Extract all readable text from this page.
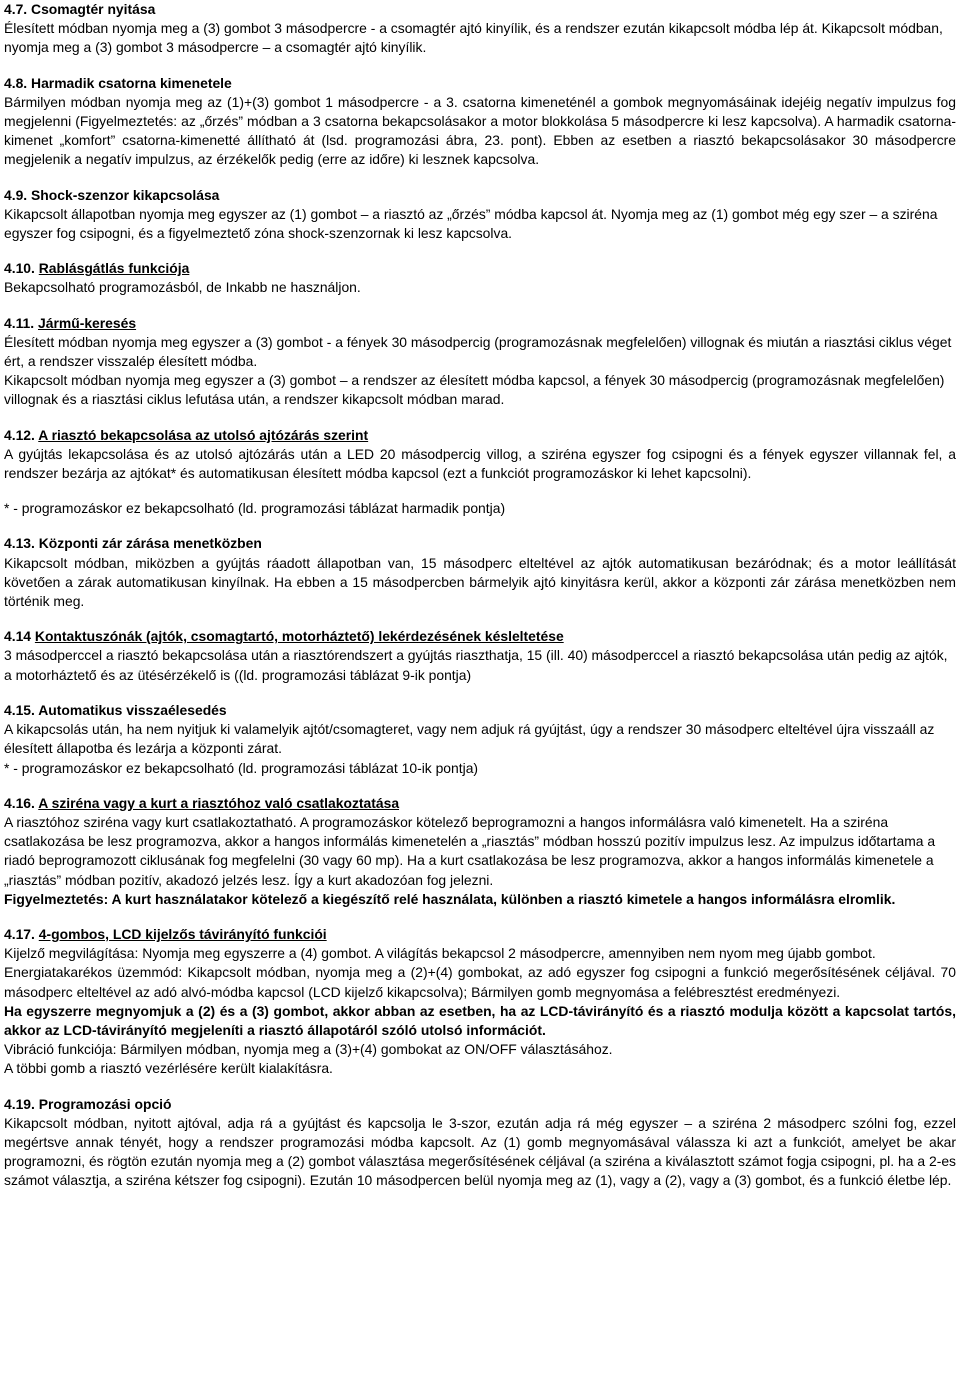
4.7. Csomagtér nyitása

Élesített módban nyomja meg a (3) gombot 3 másodpercre - a csomagtér ajtó kinyílik, és a rendszer ezután kikapcsolt módba lép át. Kikapcsolt módban, nyomja meg a (3) gombot 3 másodpercre – a csomagtér ajtó kinyílik.

4.8. Harmadik csatorna kimenetele

Bármilyen módban nyomja meg az (1)+(3) gombot 1 másodpercre - a 3. csatorna kimeneténél a gombok megnyomásáinak idejéig negatív impulzus fog megjelenni (Figyelmeztetés: az „őrzés” módban a 3 csatorna bekapcsolásakor a motor blokkolása 5 másodpercre ki lesz kapcsolva). A harmadik csatorna-kimenet „komfort” csatorna-kimenetté állítható át (lsd. programozási ábra, 23. pont). Ebben az esetben a riasztó bekapcsolásakor 30 másodpercre megjelenik a negatív impulzus, az érzékelők pedig (erre az időre) ki lesznek kapcsolva.

4.9. Shock-szenzor kikapcsolása

Kikapcsolt állapotban nyomja meg egyszer az (1) gombot – a riasztó az „őrzés” módba kapcsol át. Nyomja meg az (1) gombot még egy szer – a sziréna egyszer fog csipogni, és a figyelmeztető zóna shock-szenzornak ki lesz kapcsolva.

4.10. Rablásgátlás funkciója

Bekapcsolható programozásból, de Inkabb ne használjon.

4.11. Jármű-keresés

Élesített módban nyomja meg egyszer a (3) gombot - a fények 30 másodpercig (programozásnak megfelelően) villognak és miután a riasztási ciklus véget ért, a rendszer visszalép élesített módba.

Kikapcsolt módban nyomja meg egyszer a (3) gombot – a rendszer az élesített módba kapcsol, a fények 30 másodpercig (programozásnak megfelelően) villognak és a riasztási ciklus lefutása után, a rendszer kikapcsolt módban marad.

4.12. A riasztó bekapcsolása az utolsó ajtózárás szerint

A gyújtás lekapcsolása és az utolsó ajtózárás után a LED 20 másodpercig villog, a sziréna egyszer fog csipogni és a fények egyszer villannak fel, a rendszer bezárja az ajtókat* és automatikusan élesített módba kapcsol (ezt a funkciót programozáskor ki lehet kapcsolni).

* - programozáskor ez bekapcsolható (ld. programozási táblázat harmadik pontja)

4.13. Központi zár zárása menetközben

Kikapcsolt módban, miközben a gyújtás ráadott állapotban van, 15 másodperc elteltével az ajtók automatikusan bezáródnak; és a motor leállítását követően a zárak automatikusan kinyílnak. Ha ebben a 15 másodpercben bármelyik ajtó kinyitásra kerül, akkor a központi zár zárása menetközben nem történik meg.

4.14 Kontaktuszónák (ajtók, csomagtartó, motorháztető) lekérdezésének késleltetése

3 másodperccel a riasztó bekapcsolása után a riasztórendszert a gyújtás riaszthatja, 15 (ill. 40) másodperccel a riasztó bekapcsolása után pedig az ajtók, a motorháztető és az ütésérzékelő is ((ld. programozási táblázat 9-ik pontja)

4.15. Automatikus visszaélesedés

A kikapcsolás után, ha nem nyitjuk ki valamelyik ajtót/csomagteret, vagy nem adjuk rá gyújtást, úgy a rendszer 30 másodperc elteltével újra visszaáll az élesített állapotba és lezárja a központi zárat.

* - programozáskor ez bekapcsolható (ld. programozási táblázat 10-ik pontja)

4.16. A sziréna vagy a kurt a riasztóhoz való csatlakoztatása

A riasztóhoz sziréna vagy kurt csatlakoztatható. A programozáskor kötelező beprogramozni a hangos informálásra való kimenetelt. Ha a sziréna csatlakozása be lesz programozva, akkor a hangos informálás kimenetelén a „riasztás” módban hosszú pozitív impulzus lesz. Az impulzus időtartama a riadó beprogramozott ciklusának fog megfelelni (30 vagy 60 mp). Ha a kurt csatlakozása be lesz programozva, akkor a hangos informálás kimenetele a „riasztás” módban pozitív, akadozó jelzés lesz. Így a kurt akadozóan fog jelezni.

Figyelmeztetés: A kurt használatakor kötelező a kiegészítő relé használata, különben a riasztó kimetele a hangos informálásra elromlik.

4.17. 4-gombos, LCD kijelzős távirányító funkciói

Kijelző megvilágítása: Nyomja meg egyszerre a (4) gombot. A világítás bekapcsol 2 másodpercre, amennyiben nem nyom meg újabb gombot.

Energiatakarékos üzemmód: Kikapcsolt módban, nyomja meg a (2)+(4) gombokat, az adó egyszer fog csipogni a funkció megerősítésének céljával. 70 másodperc elteltével az adó alvó-módba kapcsol (LCD kijelző kikapcsolva); Bármilyen gomb megnyomása a felébresztést eredményezi.

Ha egyszerre megnyomjuk a (2) és a (3) gombot, akkor abban az esetben, ha az LCD-távirányító és a riasztó modulja között a kapcsolat tartós, akkor az LCD-távirányító megjeleníti a riasztó állapotáról szóló utolsó információt.

Vibráció funkciója: Bármilyen módban, nyomja meg a (3)+(4) gombokat az ON/OFF választásához.

A többi gomb a riasztó vezérlésére került kialakításra.

4.19. Programozási opció

Kikapcsolt módban, nyitott ajtóval, adja rá a gyújtást és kapcsolja le 3-szor, ezután adja rá még egyszer – a sziréna 2 másodperc szólni fog, ezzel megértsve annak tényét, hogy a rendszer programozási módba kapcsolt. Az (1) gomb megnyomásával válassza ki azt a funkciót, amelyet be akar programozni, és rögtön ezután nyomja meg a (2) gombot választása megerősítésének céljával (a sziréna a kiválasztott számot fogja csipogni, pl. ha a 2-es számot választja, a sziréna kétszer fog csipogni). Ezután 10 másodpercen belül nyomja meg az (1), vagy a (2), vagy a (3) gombot, és a funkció életbe lép.
